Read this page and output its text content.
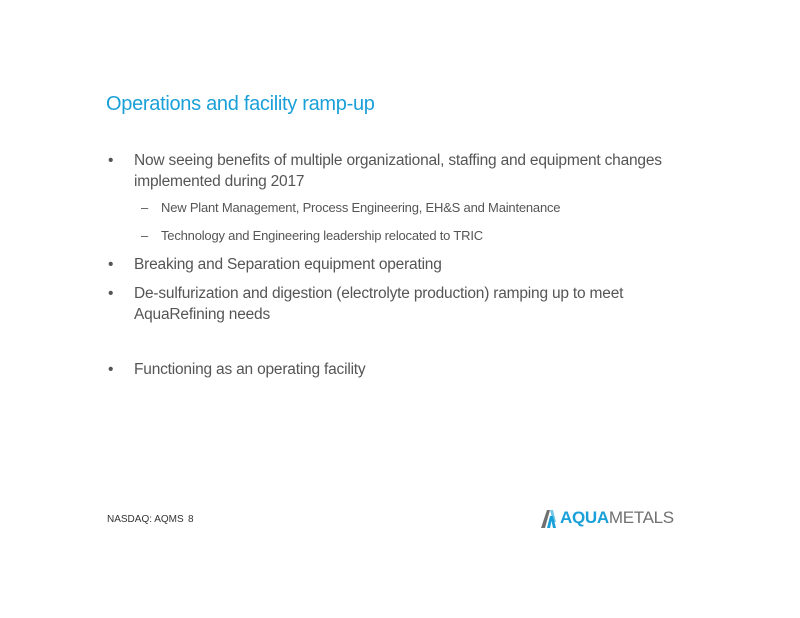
Operations and facility ramp-up
• Now seeing benefits of multiple organizational, staffing and equipment changes implemented during 2017
– New Plant Management, Process Engineering, EH&S and Maintenance
– Technology and Engineering leadership relocated to TRIC
• Breaking and Separation equipment operating
• De-sulfurization and digestion (electrolyte production) ramping up to meet AquaRefining needs
• Functioning as an operating facility
NASDAQ: AQMS 8	AQUAMETALS
